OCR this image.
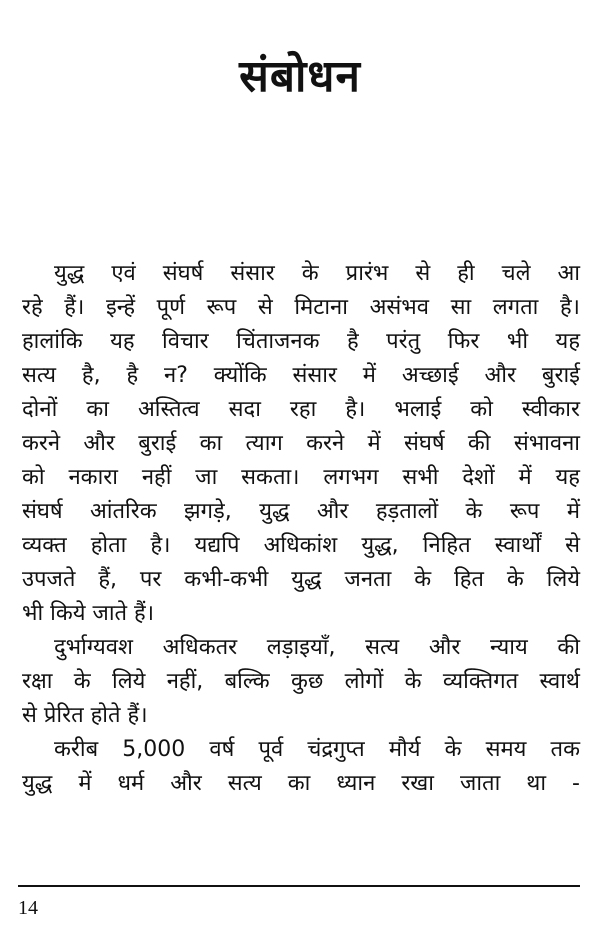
संबोधन
युद्ध एवं संघर्ष संसार के प्रारंभ से ही चले आ
रहे हैं। इन्हें पूर्ण रूप से मिटाना असंभव सा लगता है।
हालांकि यह विचार चिंताजनक है परंतु फिर भी यह
सत्य है, है न? क्योंकि संसार में अच्छाई और बुराई
दोनों का अस्तित्व सदा रहा है। भलाई को स्वीकार
करने और बुराई का त्याग करने में संघर्ष की संभावना
को नकारा नहीं जा सकता। लगभग सभी देशों में यह
संघर्ष आंतरिक झगड़े, युद्ध और हड़तालों के रूप में
व्यक्त होता है। यद्यपि अधिकांश युद्ध, निहित स्वार्थों से
उपजते हैं, पर कभी-कभी युद्ध जनता के हित के लिये
भी किये जाते हैं।
दुर्भाग्यवश अधिकतर लड़ाइयाँ, सत्य और न्याय की
रक्षा के लिये नहीं, बल्कि कुछ लोगों के व्यक्तिगत स्वार्थ
से प्रेरित होते हैं।
करीब 5,000 वर्ष पूर्व चंद्रगुप्त मौर्य के समय तक
युद्ध में धर्म और सत्य का ध्यान रखा जाता था -
14
